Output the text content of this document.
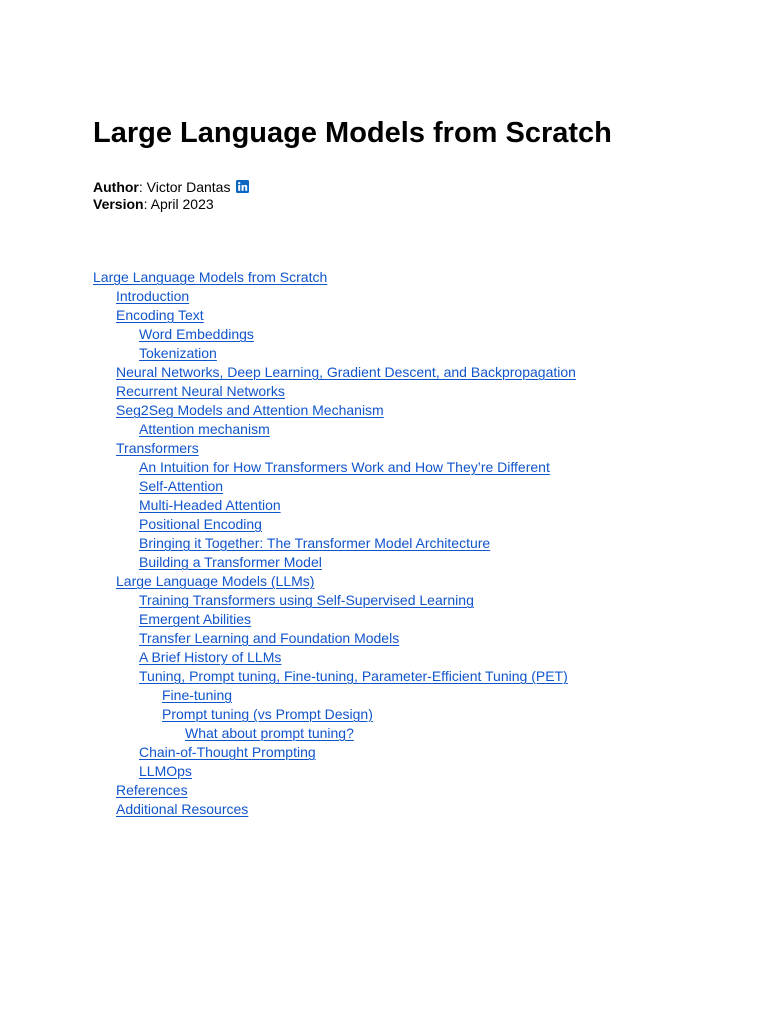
Large Language Models from Scratch
Author: Victor Dantas
Version: April 2023
Large Language Models from Scratch
Introduction
Encoding Text
Word Embeddings
Tokenization
Neural Networks, Deep Learning, Gradient Descent, and Backpropagation
Recurrent Neural Networks
Seg2Seg Models and Attention Mechanism
Attention mechanism
Transformers
An Intuition for How Transformers Work and How They’re Different
Self-Attention
Multi-Headed Attention
Positional Encoding
Bringing it Together: The Transformer Model Architecture
Building a Transformer Model
Large Language Models (LLMs)
Training Transformers using Self-Supervised Learning
Emergent Abilities
Transfer Learning and Foundation Models
A Brief History of LLMs
Tuning, Prompt tuning, Fine-tuning, Parameter-Efficient Tuning (PET)
Fine-tuning
Prompt tuning (vs Prompt Design)
What about prompt tuning?
Chain-of-Thought Prompting
LLMOps
References
Additional Resources
